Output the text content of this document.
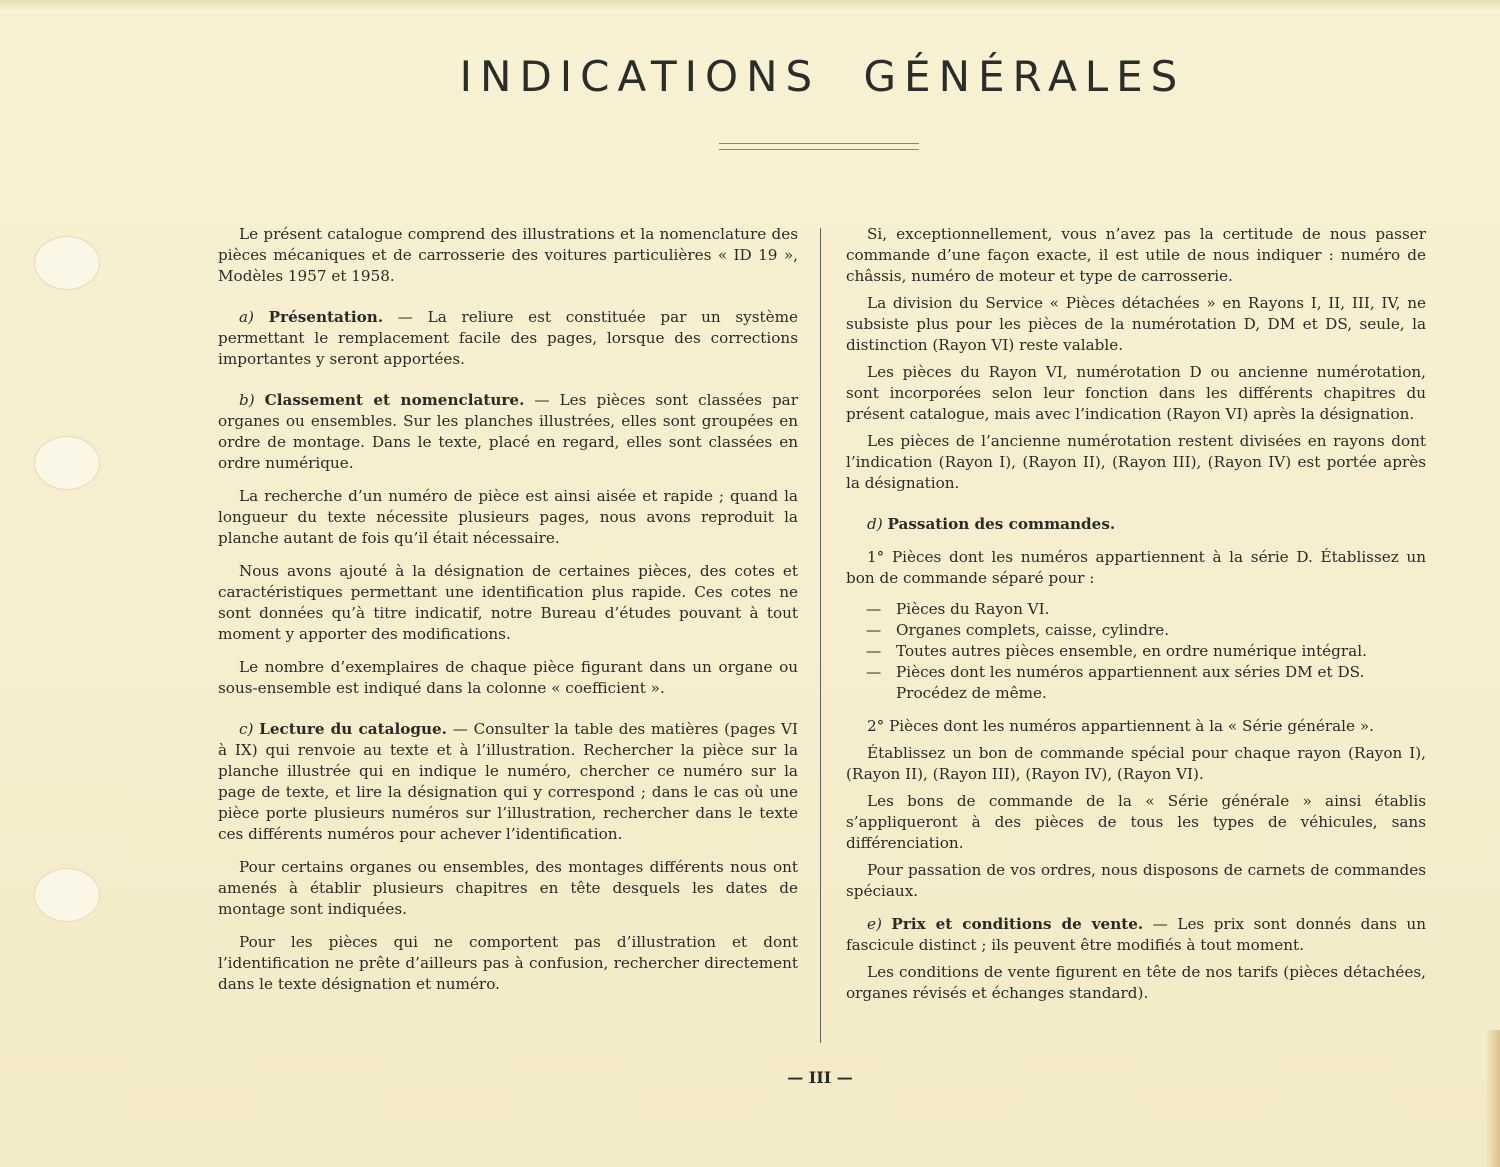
INDICATIONS GÉNÉRALES

Le présent catalogue comprend des illustrations et la nomenclature des pièces mécaniques et de carrosserie des voitures particulières « ID 19 », Modèles 1957 et 1958.

a) Présentation. — La reliure est constituée par un système permettant le remplacement facile des pages, lorsque des corrections importantes y seront apportées.

b) Classement et nomenclature. — Les pièces sont classées par organes ou ensembles. Sur les planches illustrées, elles sont groupées en ordre de montage. Dans le texte, placé en regard, elles sont classées en ordre numérique.

La recherche d’un numéro de pièce est ainsi aisée et rapide ; quand la longueur du texte nécessite plusieurs pages, nous avons reproduit la planche autant de fois qu’il était nécessaire.

Nous avons ajouté à la désignation de certaines pièces, des cotes et caractéristiques permettant une identification plus rapide. Ces cotes ne sont données qu’à titre indicatif, notre Bureau d’études pouvant à tout moment y apporter des modifications.

Le nombre d’exemplaires de chaque pièce figurant dans un organe ou sous-ensemble est indiqué dans la colonne « coefficient ».

c) Lecture du catalogue. — Consulter la table des matières (pages VI à IX) qui renvoie au texte et à l’illustration. Rechercher la pièce sur la planche illustrée qui en indique le numéro, chercher ce numéro sur la page de texte, et lire la désignation qui y correspond ; dans le cas où une pièce porte plusieurs numéros sur l’illustration, rechercher dans le texte ces différents numéros pour achever l’identification.

Pour certains organes ou ensembles, des montages différents nous ont amenés à établir plusieurs chapitres en tête desquels les dates de montage sont indiquées.

Pour les pièces qui ne comportent pas d’illustration et dont l’identification ne prête d’ailleurs pas à confusion, rechercher directement dans le texte désignation et numéro.

Si, exceptionnellement, vous n’avez pas la certitude de nous passer commande d’une façon exacte, il est utile de nous indiquer : numéro de châssis, numéro de moteur et type de carrosserie.

La division du Service « Pièces détachées » en Rayons I, II, III, IV, ne subsiste plus pour les pièces de la numérotation D, DM et DS, seule, la distinction (Rayon VI) reste valable.

Les pièces du Rayon VI, numérotation D ou ancienne numérotation, sont incorporées selon leur fonction dans les différents chapitres du présent catalogue, mais avec l’indication (Rayon VI) après la désignation.

Les pièces de l’ancienne numérotation restent divisées en rayons dont l’indication (Rayon I), (Rayon II), (Rayon III), (Rayon IV) est portée après la désignation.

d) Passation des commandes.

1° Pièces dont les numéros appartiennent à la série D. Établissez un bon de commande séparé pour :

— Pièces du Rayon VI.
— Organes complets, caisse, cylindre.
— Toutes autres pièces ensemble, en ordre numérique intégral.
— Pièces dont les numéros appartiennent aux séries DM et DS. Procédez de même.

2° Pièces dont les numéros appartiennent à la « Série générale ».

Établissez un bon de commande spécial pour chaque rayon (Rayon I), (Rayon II), (Rayon III), (Rayon IV), (Rayon VI).

Les bons de commande de la « Série générale » ainsi établis s’appliqueront à des pièces de tous les types de véhicules, sans différenciation.

Pour passation de vos ordres, nous disposons de carnets de commandes spéciaux.

e) Prix et conditions de vente. — Les prix sont donnés dans un fascicule distinct ; ils peuvent être modifiés à tout moment.

Les conditions de vente figurent en tête de nos tarifs (pièces détachées, organes révisés et échanges standard).

— III —
